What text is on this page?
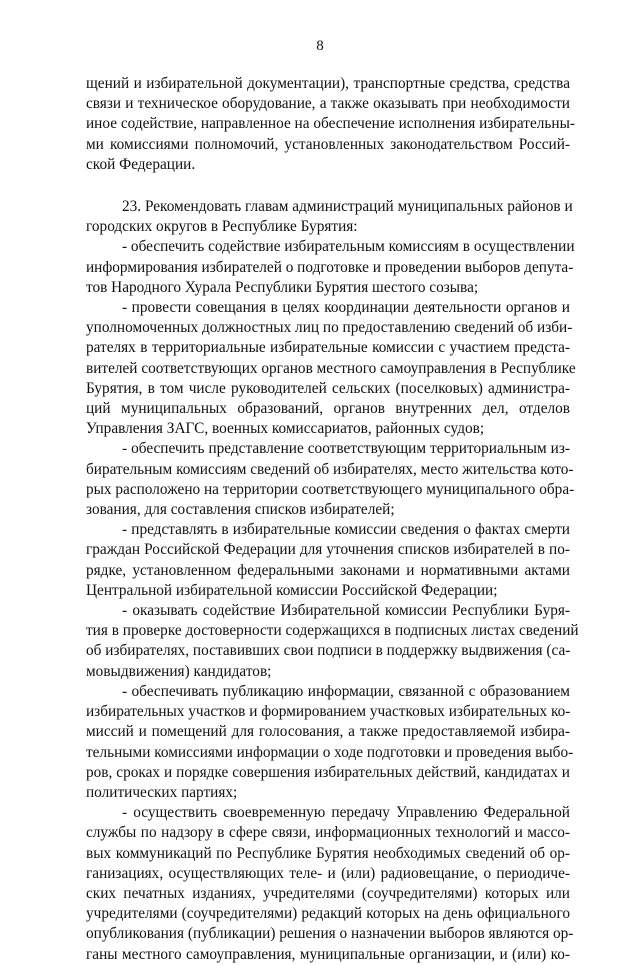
8
щений и избирательной документации), транспортные средства, средства
связи и техническое оборудование, а также оказывать при необходимости
иное содействие, направленное на обеспечение исполнения избирательны-
ми комиссиями полномочий, установленных законодательством Россий-
ской Федерации.
23. Рекомендовать главам администраций муниципальных районов и
городских округов в Республике Бурятия:
- обеспечить содействие избирательным комиссиям в осуществлении
информирования избирателей о подготовке и проведении выборов депута-
тов Народного Хурала Республики Бурятия шестого созыва;
- провести совещания в целях координации деятельности органов и
уполномоченных должностных лиц по предоставлению сведений об изби-
рателях в территориальные избирательные комиссии с участием предста-
вителей соответствующих органов местного самоуправления в Республике
Бурятия, в том числе руководителей сельских (поселковых) администра-
ций муниципальных образований, органов внутренних дел, отделов
Управления ЗАГС, военных комиссариатов, районных судов;
- обеспечить представление соответствующим территориальным из-
бирательным комиссиям сведений об избирателях, место жительства кото-
рых расположено на территории соответствующего муниципального обра-
зования, для составления списков избирателей;
- представлять в избирательные комиссии сведения о фактах смерти
граждан Российской Федерации для уточнения списков избирателей в по-
рядке, установленном федеральными законами и нормативными актами
Центральной избирательной комиссии Российской Федерации;
- оказывать содействие Избирательной комиссии Республики Буря-
тия в проверке достоверности содержащихся в подписных листах сведений
об избирателях, поставивших свои подписи в поддержку выдвижения (са-
мовыдвижения) кандидатов;
- обеспечивать публикацию информации, связанной с образованием
избирательных участков и формированием участковых избирательных ко-
миссий и помещений для голосования, а также предоставляемой избира-
тельными комиссиями информации о ходе подготовки и проведения выбо-
ров, сроках и порядке совершения избирательных действий, кандидатах и
политических партиях;
- осуществить своевременную передачу Управлению Федеральной
службы по надзору в сфере связи, информационных технологий и массо-
вых коммуникаций по Республике Бурятия необходимых сведений об ор-
ганизациях, осуществляющих теле- и (или) радиовещание, о периодиче-
ских печатных изданиях, учредителями (соучредителями) которых или
учредителями (соучредителями) редакций которых на день официального
опубликования (публикации) решения о назначении выборов являются ор-
ганы местного самоуправления, муниципальные организации, и (или) ко-
